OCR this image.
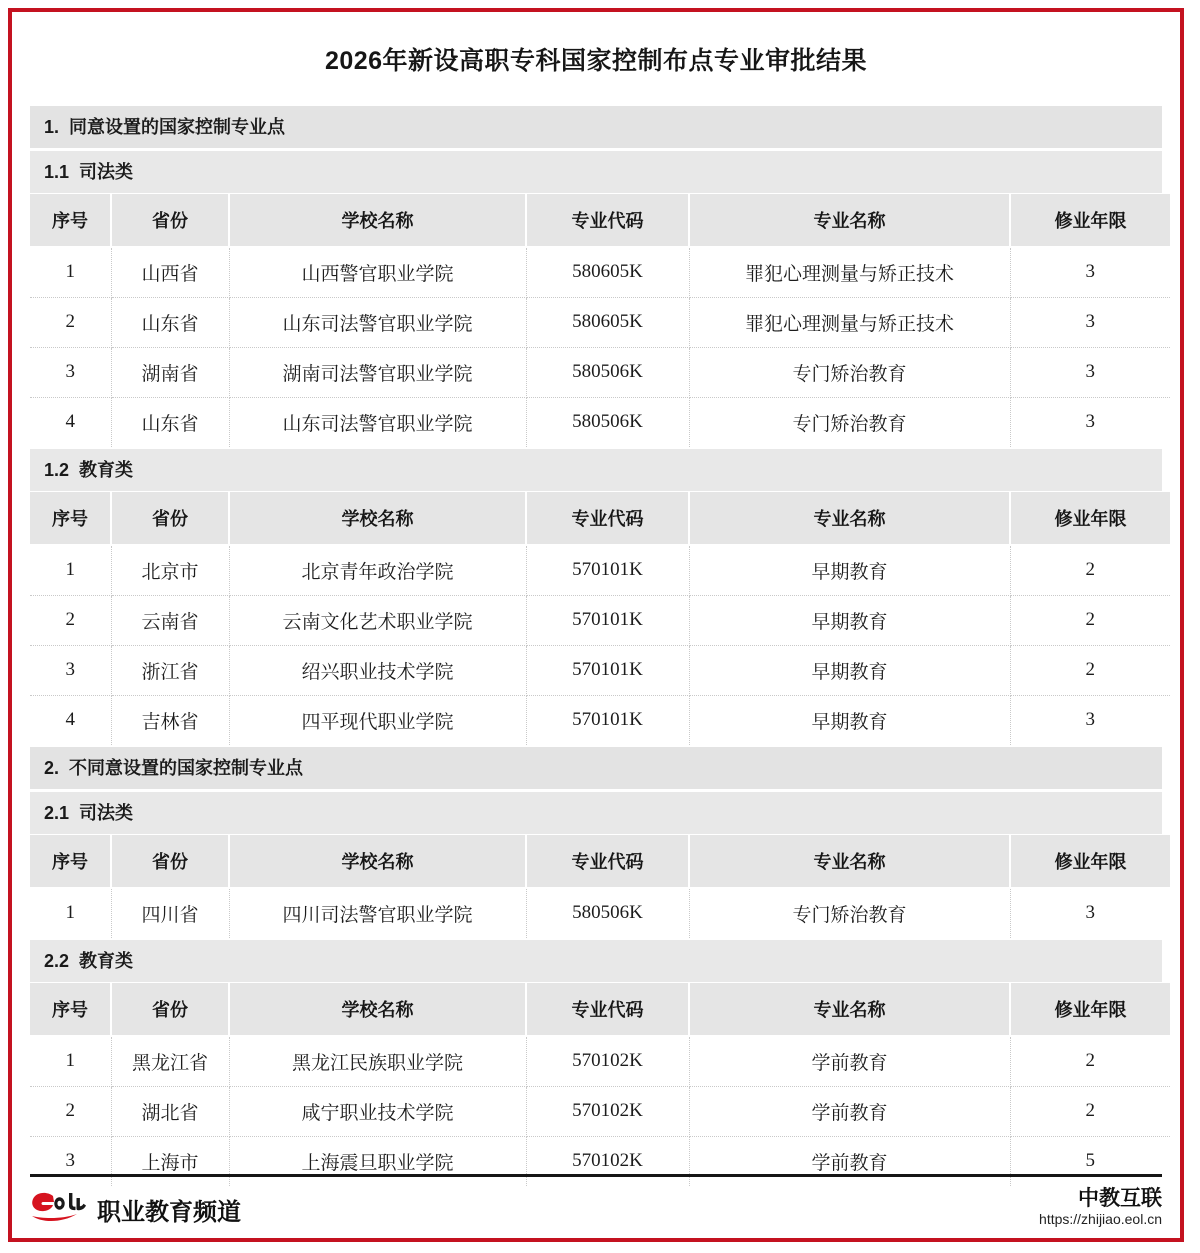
2026年新设高职专科国家控制布点专业审批结果
1.  同意设置的国家控制专业点
1.1  司法类
序号	省份	学校名称	专业代码	专业名称	修业年限
1	山西省	山西警官职业学院	580605K	罪犯心理测量与矫正技术	3
2	山东省	山东司法警官职业学院	580605K	罪犯心理测量与矫正技术	3
3	湖南省	湖南司法警官职业学院	580506K	专门矫治教育	3
4	山东省	山东司法警官职业学院	580506K	专门矫治教育	3
1.2  教育类
序号	省份	学校名称	专业代码	专业名称	修业年限
1	北京市	北京青年政治学院	570101K	早期教育	2
2	云南省	云南文化艺术职业学院	570101K	早期教育	2
3	浙江省	绍兴职业技术学院	570101K	早期教育	2
4	吉林省	四平现代职业学院	570101K	早期教育	3
2.  不同意设置的国家控制专业点
2.1  司法类
序号	省份	学校名称	专业代码	专业名称	修业年限
1	四川省	四川司法警官职业学院	580506K	专门矫治教育	3
2.2  教育类
序号	省份	学校名称	专业代码	专业名称	修业年限
1	黑龙江省	黑龙江民族职业学院	570102K	学前教育	2
2	湖北省	咸宁职业技术学院	570102K	学前教育	2
3	上海市	上海震旦职业学院	570102K	学前教育	5
职业教育频道
中教互联
https://zhijiao.eol.cn
